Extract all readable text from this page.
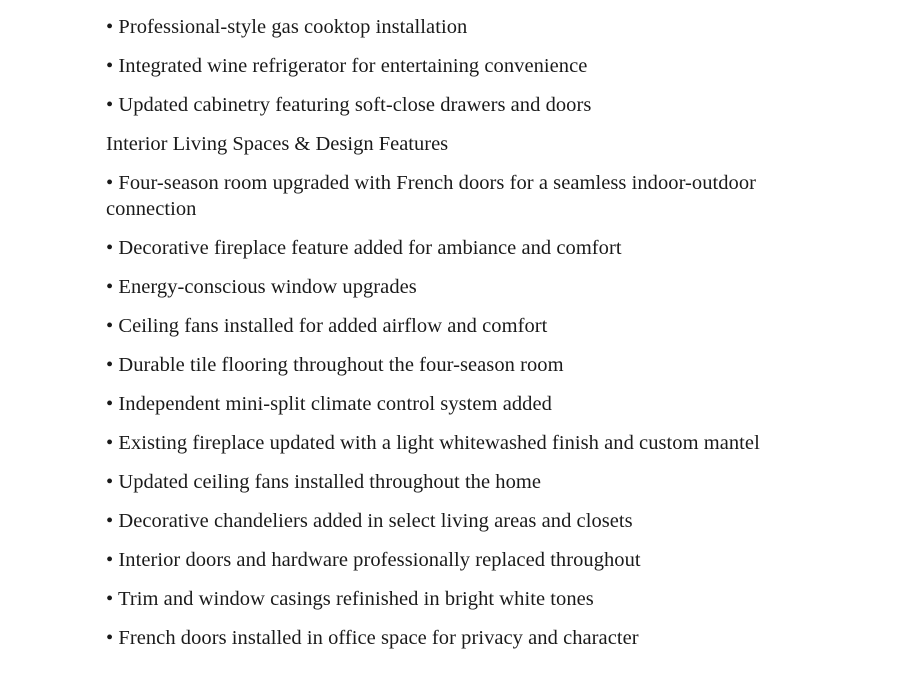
• Professional-style gas cooktop installation

• Integrated wine refrigerator for entertaining convenience

• Updated cabinetry featuring soft-close drawers and doors

Interior Living Spaces & Design Features

• Four-season room upgraded with French doors for a seamless indoor-outdoor connection

• Decorative fireplace feature added for ambiance and comfort

• Energy-conscious window upgrades

• Ceiling fans installed for added airflow and comfort

• Durable tile flooring throughout the four-season room

• Independent mini-split climate control system added

• Existing fireplace updated with a light whitewashed finish and custom mantel

• Updated ceiling fans installed throughout the home

• Decorative chandeliers added in select living areas and closets

• Interior doors and hardware professionally replaced throughout

• Trim and window casings refinished in bright white tones

• French doors installed in office space for privacy and character
